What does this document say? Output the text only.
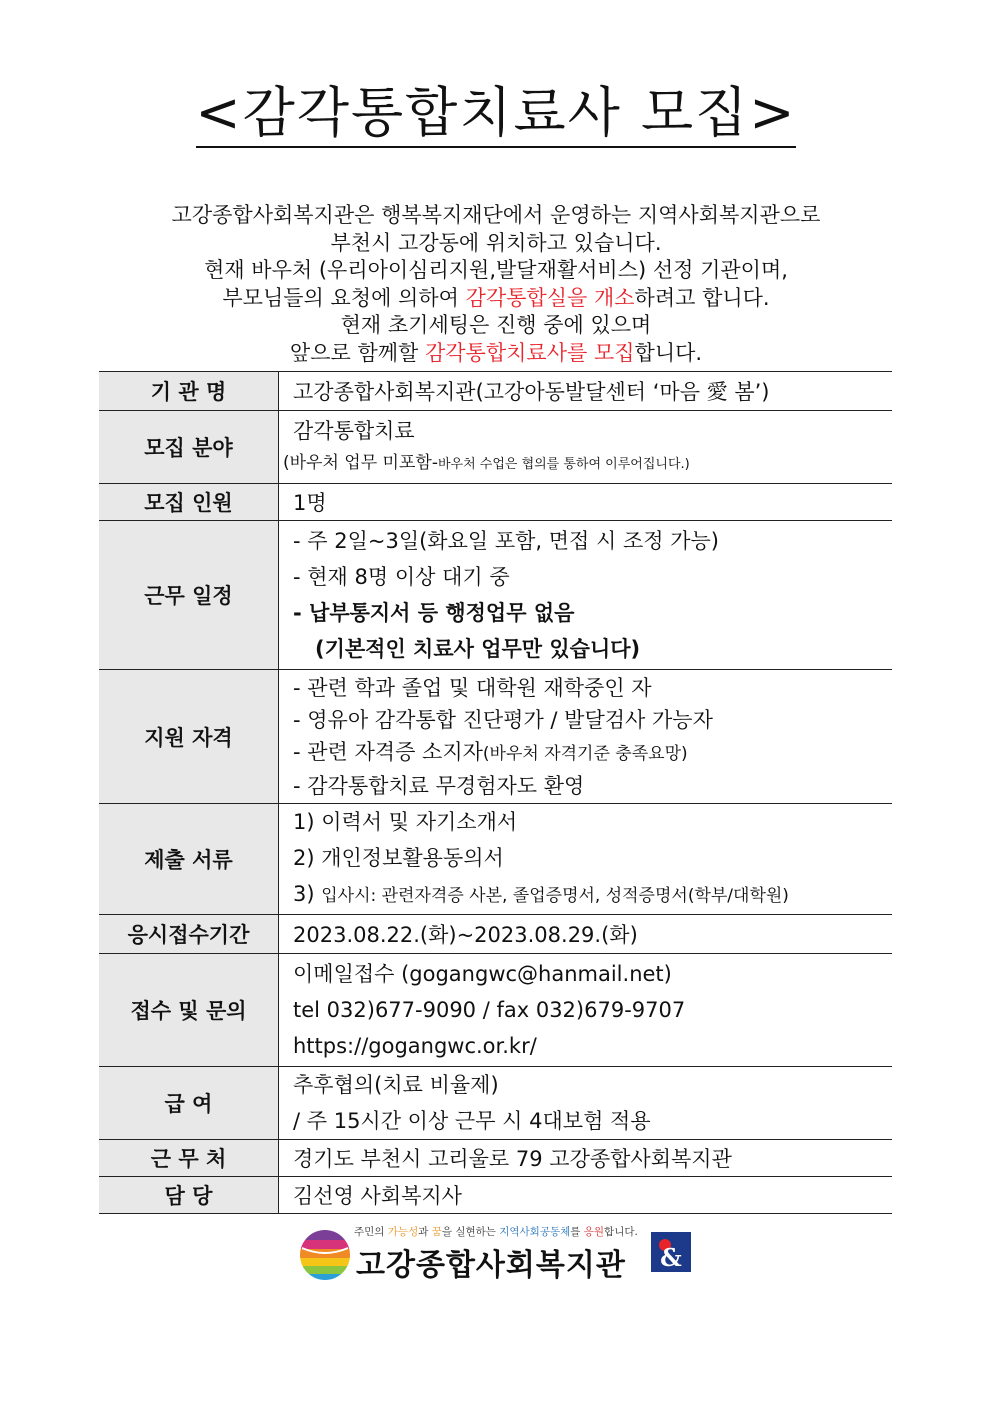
<감각통합치료사 모집>
고강종합사회복지관은 행복복지재단에서 운영하는 지역사회복지관으로
부천시 고강동에 위치하고 있습니다.
현재 바우처 (우리아이심리지원,발달재활서비스) 선정 기관이며,
부모님들의 요청에 의하여 감각통합실을 개소하려고 합니다.
현재 초기세팅은 진행 중에 있으며
앞으로 함께할 감각통합치료사를 모집합니다.
기 관 명	고강종합사회복지관(고강아동발달센터 ‘마음 愛 봄’)
모집 분야	감각통합치료
(바우처 업무 미포함-바우처 수업은 협의를 통하여 이루어집니다.)

모집 인원	1명
근무 일정	- 주 2일~3일(화요일 포함, 면접 시 조정 가능)
- 현재 8명 이상 대기 중
- 납부통지서 등 행정업무 없음
(기본적인 치료사 업무만 있습니다)

지원 자격	- 관련 학과 졸업 및 대학원 재학중인 자
- 영유아 감각통합 진단평가 / 발달검사 가능자
- 관련 자격증 소지자(바우처 자격기준 충족요망)
- 감각통합치료 무경험자도 환영

제출 서류	1) 이력서 및 자기소개서
2) 개인정보활용동의서
3) 입사시: 관련자격증 사본, 졸업증명서, 성적증명서(학부/대학원)

응시접수기간	2023.08.22.(화)~2023.08.29.(화)
접수 및 문의	이메일접수 (gogangwc@hanmail.net)
tel 032)677-9090 / fax 032)679-9707
https://gogangwc.or.kr/

급 여	추후협의(치료 비율제)
/ 주 15시간 이상 근무 시 4대보험 적용

근 무 처	경기도 부천시 고리울로 79 고강종합사회복지관
담 당	김선영 사회복지사
주민의 가능성과 꿈을 실현하는 지역사회공동체를 응원합니다.
고강종합사회복지관 &
